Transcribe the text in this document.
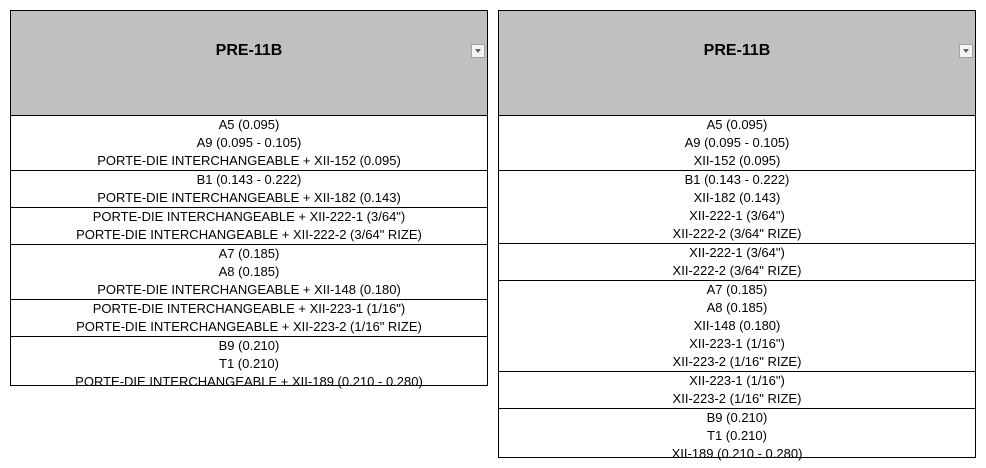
PRE-11B
A5 (0.095)
A9 (0.095 - 0.105)
PORTE-DIE INTERCHANGEABLE + XII-152 (0.095)
B1 (0.143 - 0.222)
PORTE-DIE INTERCHANGEABLE + XII-182 (0.143)
PORTE-DIE INTERCHANGEABLE + XII-222-1 (3/64")
PORTE-DIE INTERCHANGEABLE + XII-222-2 (3/64" RIZE)
A7 (0.185)
A8 (0.185)
PORTE-DIE INTERCHANGEABLE + XII-148 (0.180)
PORTE-DIE INTERCHANGEABLE + XII-223-1 (1/16")
PORTE-DIE INTERCHANGEABLE + XII-223-2 (1/16" RIZE)
B9 (0.210)
T1 (0.210)
PORTE-DIE INTERCHANGEABLE + XII-189 (0.210 - 0.280)
PRE-11B
A5 (0.095)
A9 (0.095 - 0.105)
XII-152 (0.095)
B1 (0.143 - 0.222)
XII-182 (0.143)
XII-222-1 (3/64")
XII-222-2 (3/64" RIZE)
XII-222-1 (3/64")
XII-222-2 (3/64" RIZE)
A7 (0.185)
A8 (0.185)
XII-148 (0.180)
XII-223-1 (1/16")
XII-223-2 (1/16" RIZE)
XII-223-1 (1/16")
XII-223-2 (1/16" RIZE)
B9 (0.210)
T1 (0.210)
XII-189 (0.210 - 0.280)
